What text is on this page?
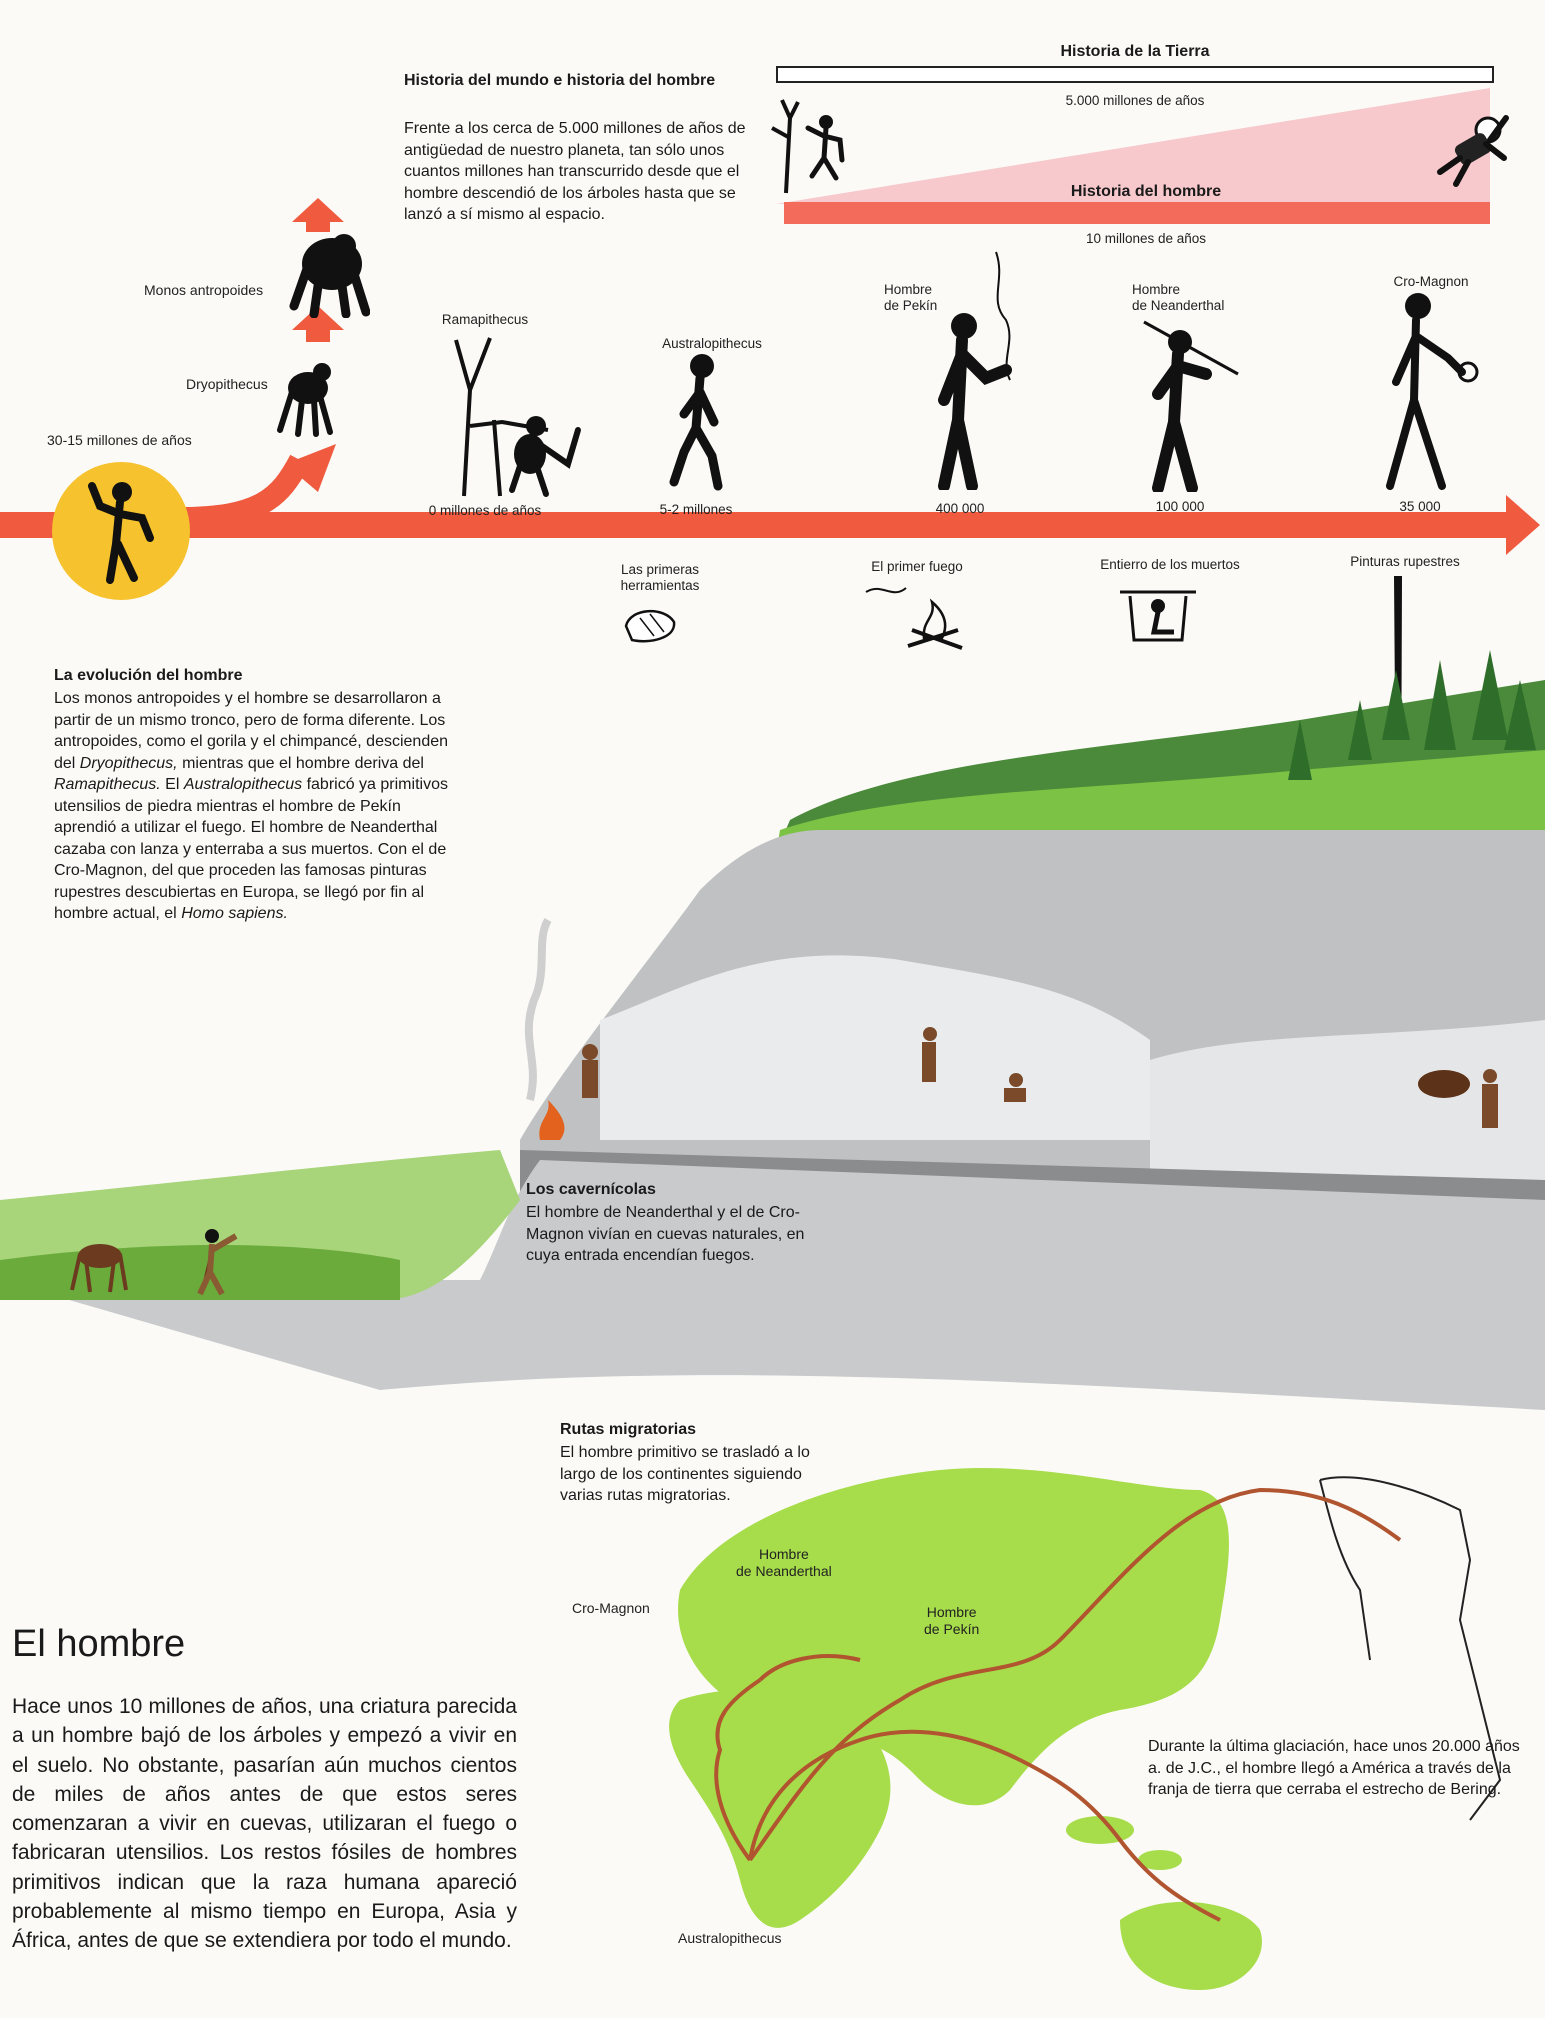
Historia de la Tierra
5.000 millones de años
Historia del hombre
10 millones de años
Historia del mundo e historia del hombre
Frente a los cerca de 5.000 millones de años de antigüedad de nuestro planeta, tan sólo unos cuantos millones han transcurrido desde que el hombre descendió de los árboles hasta que se lanzó a sí mismo al espacio.
30-15 millones de años
Monos antropoides
Dryopithecus
Ramapithecus
Australopithecus
Hombre
de Pekín
Hombre
de Neanderthal
Cro-Magnon
0 millones de años	5-2 millones	400 000	100 000	35 000
Las primeras
herramientas
El primer fuego	Entierro de los muertos	Pinturas rupestres
La evolución del hombre
Los monos antropoides y el hombre se desarrollaron a partir de un mismo tronco, pero de forma diferente. Los antropoides, como el gorila y el chimpancé, descienden del Dryopithecus, mientras que el hombre deriva del Ramapithecus. El Australopithecus fabricó ya primitivos utensilios de piedra mientras el hombre de Pekín aprendió a utilizar el fuego. El hombre de Neanderthal cazaba con lanza y enterraba a sus muertos. Con el de Cro-Magnon, del que proceden las famosas pinturas rupestres descubiertas en Europa, se llegó por fin al hombre actual, el Homo sapiens.
Los cavernícolas
El hombre de Neanderthal y el de Cro-Magnon vivían en cuevas naturales, en cuya entrada encendían fuegos.
Rutas migratorias
El hombre primitivo se trasladó a lo largo de los continentes siguiendo varias rutas migratorias.
Hombre
de Neanderthal
Cro-Magnon	Hombre
de Pekín
Australopithecus
Durante la última glaciación, hace unos 20.000 años a. de J.C., el hombre llegó a América a través de la franja de tierra que cerraba el estrecho de Bering.
El hombre
Hace unos 10 millones de años, una criatura parecida a un hombre bajó de los árboles y empezó a vivir en el suelo. No obstante, pasarían aún muchos cientos de miles de años antes de que estos seres comenzaran a vivir en cuevas, utilizaran el fuego o fabricaran utensilios. Los restos fósiles de hombres primitivos indican que la raza humana apareció probablemente al mismo tiempo en Europa, Asia y África, antes de que se extendiera por todo el mundo.
